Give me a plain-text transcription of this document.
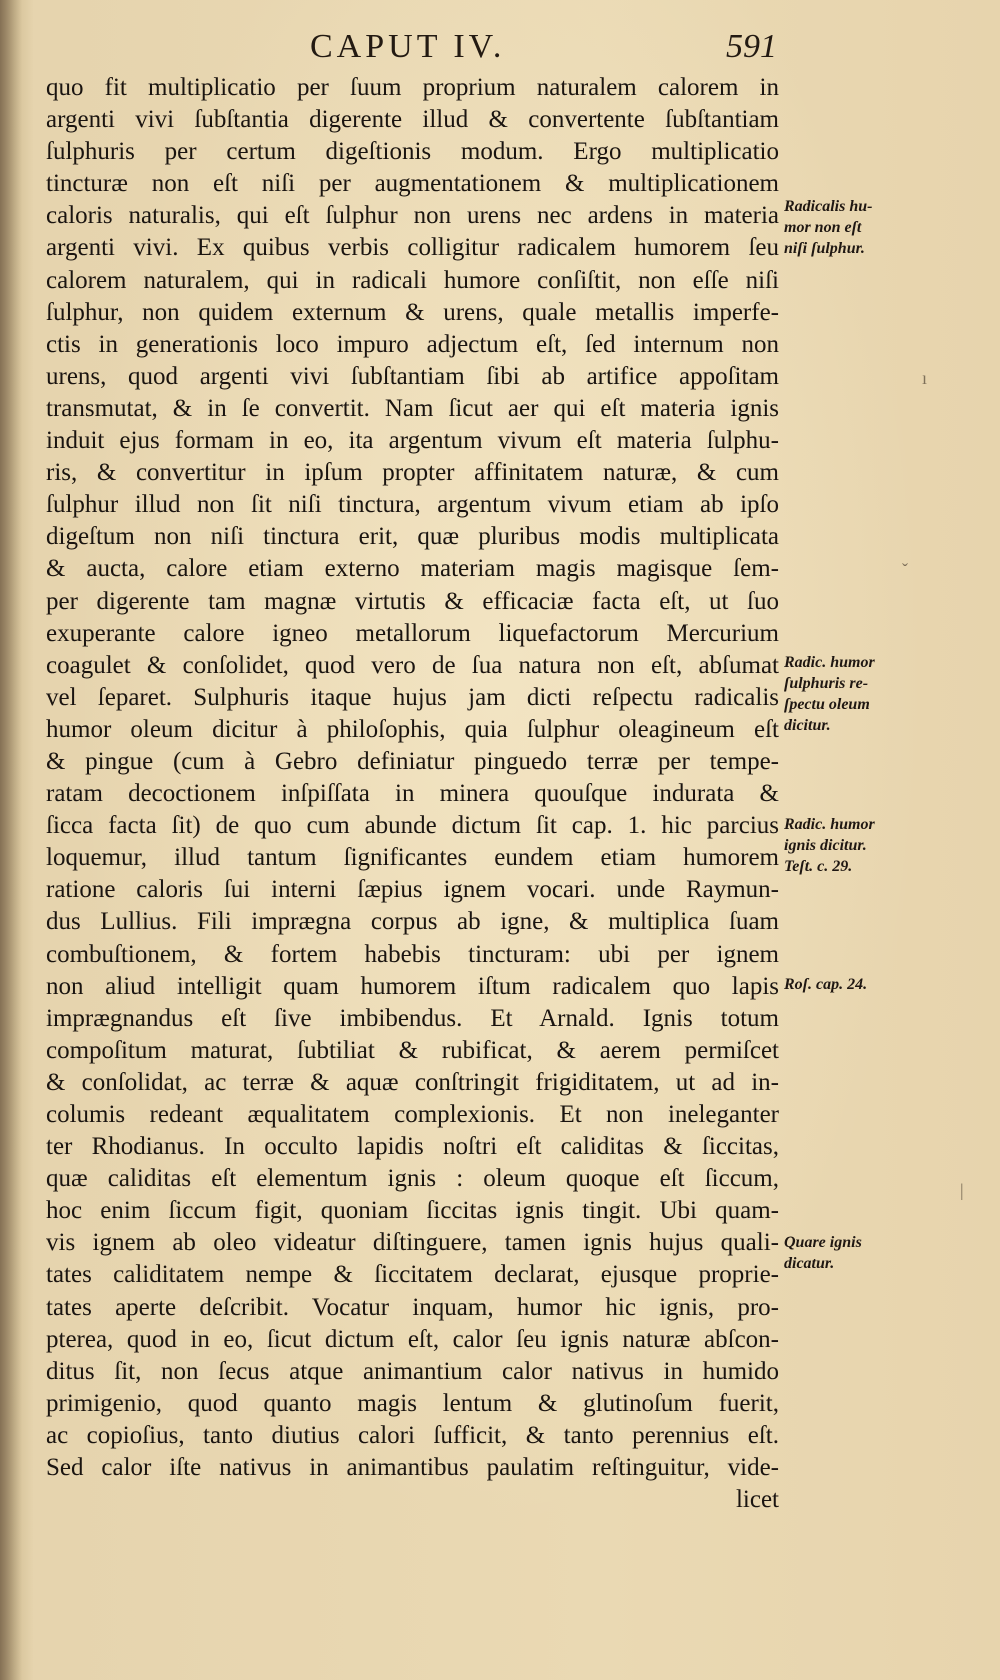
CAPUT IV.	591
quo fit multiplicatio per ſuum proprium naturalem calorem in
argenti vivi ſubſtantia digerente illud & convertente ſubſtantiam
ſulphuris per certum digeſtionis modum. Ergo multiplicatio
tincturæ non eſt niſi per augmentationem & multiplicationem
caloris naturalis, qui eſt ſulphur non urens nec ardens in materia
argenti vivi. Ex quibus verbis colligitur radicalem humorem ſeu
calorem naturalem, qui in radicali humore conſiſtit, non eſſe niſi
ſulphur, non quidem externum & urens, quale metallis imperfe-
ctis in generationis loco impuro adjectum eſt, ſed internum non
urens, quod argenti vivi ſubſtantiam ſibi ab artifice appoſitam
transmutat, & in ſe convertit. Nam ſicut aer qui eſt materia ignis
induit ejus formam in eo, ita argentum vivum eſt materia ſulphu-
ris, & convertitur in ipſum propter affinitatem naturæ, & cum
ſulphur illud non ſit niſi tinctura, argentum vivum etiam ab ipſo
digeſtum non niſi tinctura erit, quæ pluribus modis multiplicata
& aucta, calore etiam externo materiam magis magisque ſem-
per digerente tam magnæ virtutis & efficaciæ facta eſt, ut ſuo
exuperante calore igneo metallorum liquefactorum Mercurium
coagulet & conſolidet, quod vero de ſua natura non eſt, abſumat
vel ſeparet. Sulphuris itaque hujus jam dicti reſpectu radicalis
humor oleum dicitur à philoſophis, quia ſulphur oleagineum eſt
& pingue (cum à Gebro definiatur pinguedo terræ per tempe-
ratam decoctionem inſpiſſata in minera quouſque indurata &
ſicca facta ſit) de quo cum abunde dictum ſit cap. 1. hic parcius
loquemur, illud tantum ſignificantes eundem etiam humorem
ratione caloris ſui interni ſæpius ignem vocari. unde Raymun-
dus Lullius. Fili imprægna corpus ab igne, & multiplica ſuam
combuſtionem, & fortem habebis tincturam: ubi per ignem
non aliud intelligit quam humorem iſtum radicalem quo lapis
imprægnandus eſt ſive imbibendus. Et Arnald. Ignis totum
compoſitum maturat, ſubtiliat & rubificat, & aerem permiſcet
& conſolidat, ac terræ & aquæ conſtringit frigiditatem, ut ad in-
columis redeant æqualitatem complexionis. Et non ineleganter
ter Rhodianus. In occulto lapidis noſtri eſt caliditas & ſiccitas,
quæ caliditas eſt elementum ignis : oleum quoque eſt ſiccum,
hoc enim ſiccum figit, quoniam ſiccitas ignis tingit. Ubi quam-
vis ignem ab oleo videatur diſtinguere, tamen ignis hujus quali-
tates caliditatem nempe & ſiccitatem declarat, ejusque proprie-
tates aperte deſcribit. Vocatur inquam, humor hic ignis, pro-
pterea, quod in eo, ſicut dictum eſt, calor ſeu ignis naturæ abſcon-
ditus ſit, non ſecus atque animantium calor nativus in humido
primigenio, quod quanto magis lentum & glutinoſum fuerit,
ac copioſius, tanto diutius calori ſufficit, & tanto perennius eſt.
Sed calor iſte nativus in animantibus paulatim reſtinguitur, vide-
licet
Radicalis hu-
mor non eſt
niſi ſulphur.
Radic. humor
ſulphuris re-
ſpectu oleum
dicitur.
Radic. humor
ignis dicitur.
Teſt. c. 29.
Roſ. cap. 24.
Quare ignis
dicatur.
ı
|
ˇ
